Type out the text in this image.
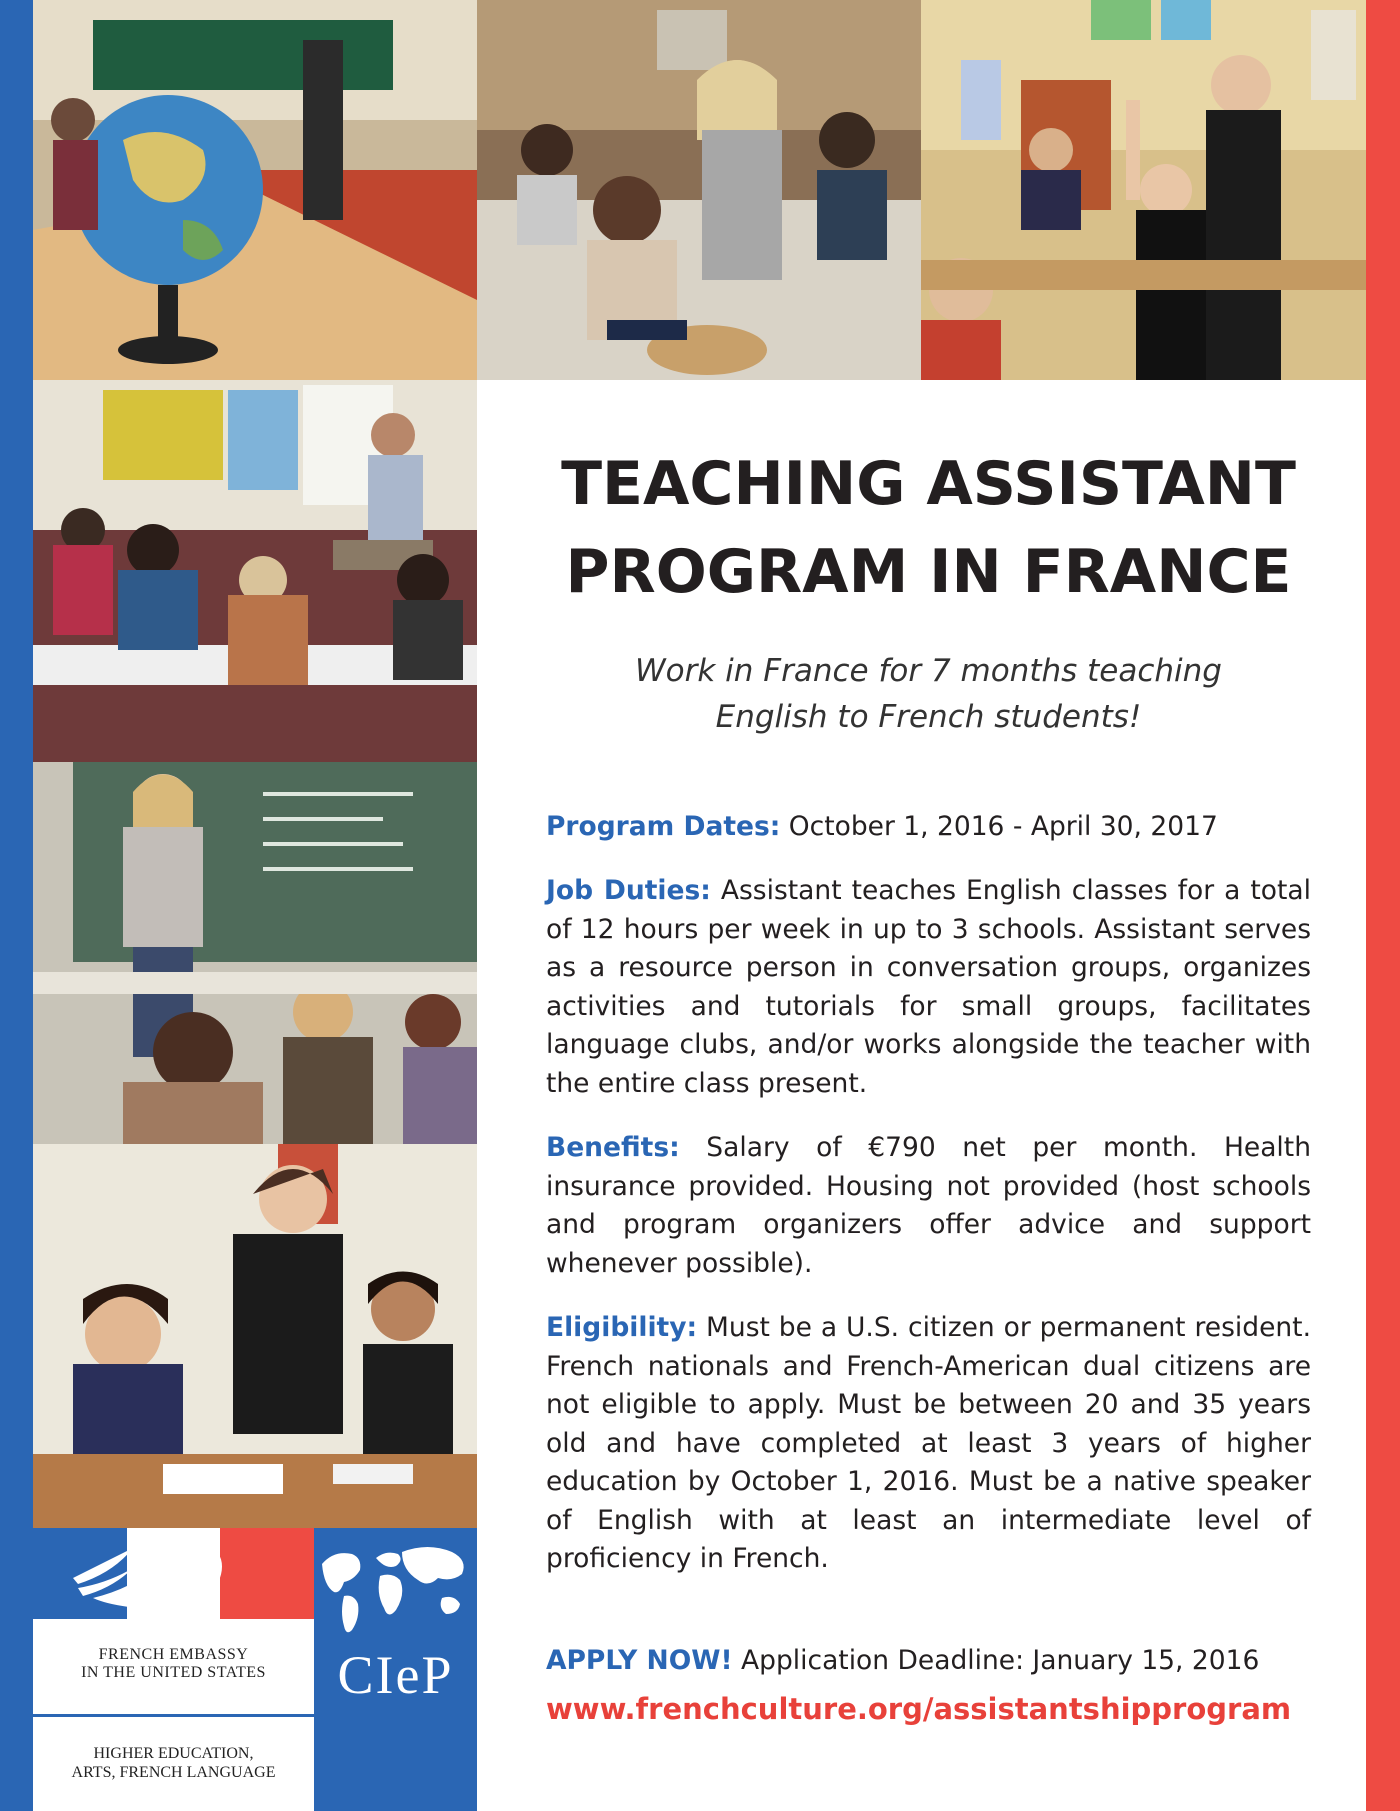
FRENCH EMBASSY
IN THE UNITED STATES
HIGHER EDUCATION,
ARTS, FRENCH LANGUAGE
CIeP
TEACHING ASSISTANT
PROGRAM IN FRANCE
Work in France for 7 months teaching
English to French students!

Program Dates: October 1, 2016 - April 30, 2017

Job Duties: Assistant teaches English classes for a total of 12 hours per week in up to 3 schools. Assistant serves as a resource person in conversation groups, organizes activities and tutorials for small groups, facilitates language clubs, and/or works alongside the teacher with the entire class present.

Benefits: Salary of €790 net per month. Health insurance provided. Housing not provided (host schools and program organizers offer advice and support whenever possible).

Eligibility: Must be a U.S. citizen or permanent resident. French nationals and French-American dual citizens are not eligible to apply. Must be between 20 and 35 years old and have completed at least 3 years of higher education by October 1, 2016. Must be a native speaker of English with at least an intermediate level of proficiency in French.

APPLY NOW! Application Deadline: January 15, 2016

www.frenchculture.org/assistantshipprogram
